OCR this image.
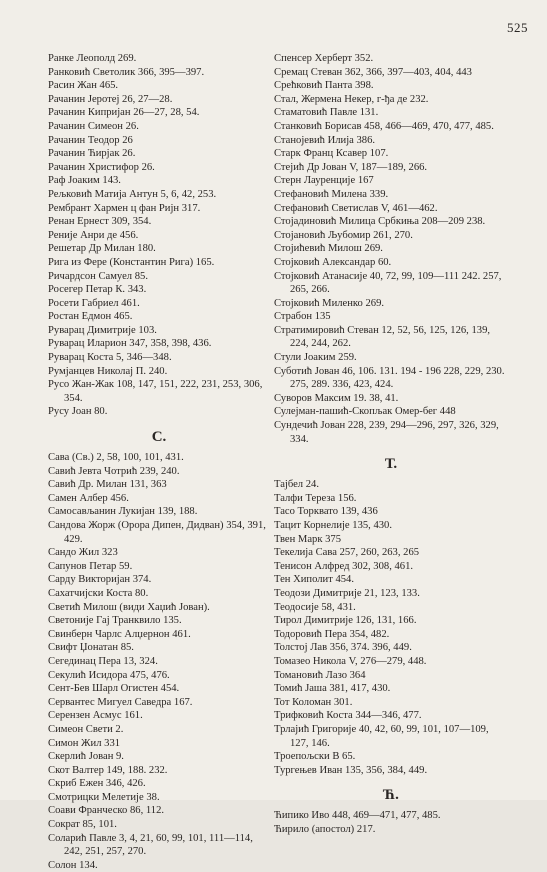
525
Ранке Леополд 269.
Ранковић Светолик 366, 395—397.
Расин Жан 465.
Рачанин Јеротеј 26, 27—28.
Рачанин Кипријан 26—27, 28, 54.
Рачанин Симеон 26.
Рачанин Теодор 26
Рачанин Ћирјак 26.
Рачанин Христифор 26.
Раф Јоаким 143.
Рељковић Матија Антун 5, 6, 42, 253.
Рембрант Хармен ц фан Ријн 317.
Ренан Ернест 309, 354.
Реније Анри де 456.
Решетар Др Милан 180.
Рига из Фере (Константин Рига) 165.
Ричардсон Самуел 85.
Росегер Петар К. 343.
Росети Габриел 461.
Ростан Едмон 465.
Руварац Димитрије 103.
Руварац Иларион 347, 358, 398, 436.
Руварац Коста 5, 346—348.
Румјанцев Николај П. 240.
Русо Жан-Жак 108, 147, 151, 222, 231, 253, 306, 354.
Русу Јоан 80.
С.
Сава (Св.) 2, 58, 100, 101, 431.
Савић Јевта Чотрић 239, 240.
Савић Др. Милан 131, 363
Самен Албер 456.
Самосављанин Лукијан 139, 188.
Сандова Жорж (Орора Дипен, Дидван) 354, 391, 429.
Сандо Жил 323
Сапунов Петар 59.
Сарду Викторијан 374.
Сахатчијски Коста 80.
Светић Милош (види Хаџић Јован).
Светоније Гај Транквило 135.
Свинберн Чарлс Алџернон 461.
Свифт Џонатан 85.
Сегединац Пера 13, 324.
Секулић Исидора 475, 476.
Сент-Бев Шарл Огистен 454.
Сервантес Мигуел Саведра 167.
Серензен Асмус 161.
Симеон Свети 2.
Симон Жил 331
Скерлић Јован 9.
Скот Валтер 149, 188. 232.
Скриб Ежен 346, 426.
Смотрицки Мелетије 38.
Соави Франческо 86, 112.
Сократ 85, 101.
Соларић Павле 3, 4, 21, 60, 99, 101, 111—114, 242, 251, 257, 270.
Солон 134.
Спенсер Херберт 352.
Сремац Стеван 362, 366, 397—403, 404, 443
Срећковић Панта 398.
Стал, Жермена Некер, г-ђа де 232.
Стаматовић Павле 131.
Станковић Борисав 458, 466—469, 470, 477, 485.
Станојевић Илија 386.
Старк Франц Ксавер 107.
Стејић Др Јован V, 187—189, 266.
Стерн Лауренције 167
Стефановић Милена 339.
Стефановић Светислав V, 461—462.
Стојадиновић Милица Србкиња 208—209 238.
Стојановић Љубомир 261, 270.
Стојићевић Милош 269.
Стојковић Александар 60.
Стојковић Атанасије 40, 72, 99, 109—111 242. 257, 265, 266.
Стојковић Миленко 269.
Страбон 135
Стратимировић Стеван 12, 52, 56, 125, 126, 139, 224, 244, 262.
Стули Јоаким 259.
Суботић Јован 46, 106. 131. 194 - 196 228, 229, 230. 275, 289. 336, 423, 424.
Суворов Максим 19. 38, 41.
Сулејман-пашић-Скопљак Омер-бег 448
Сундечић Јован 228, 239, 294—296, 297, 326, 329, 334.
Т.
Тајбел 24.
Талфи Тереза 156.
Тасо Торквато 139, 436
Тацит Корнелије 135, 430.
Твен Марк 375
Текелија Сава 257, 260, 263, 265
Тенисон Алфред 302, 308, 461.
Тен Хиполит 454.
Теодози Димитрије 21, 123, 133.
Теодосије 58, 431.
Тирол Димитрије 126, 131, 166.
Тодоровић Пера 354, 482.
Толстој Лав 356, 374. 396, 449.
Томазео Никола V, 276—279, 448.
Томановић Лазо 364
Томић Јаша 381, 417, 430.
Тот Коломан 301.
Трифковић Коста 344—346, 477.
Трлајић Григорије 40, 42, 60, 99, 101, 107—109, 127, 146.
Троепољски В 65.
Тургењев Иван 135, 356, 384, 449.
Ћ.
Ћипико Иво 448, 469—471, 477, 485.
Ћирило (апостол) 217.
